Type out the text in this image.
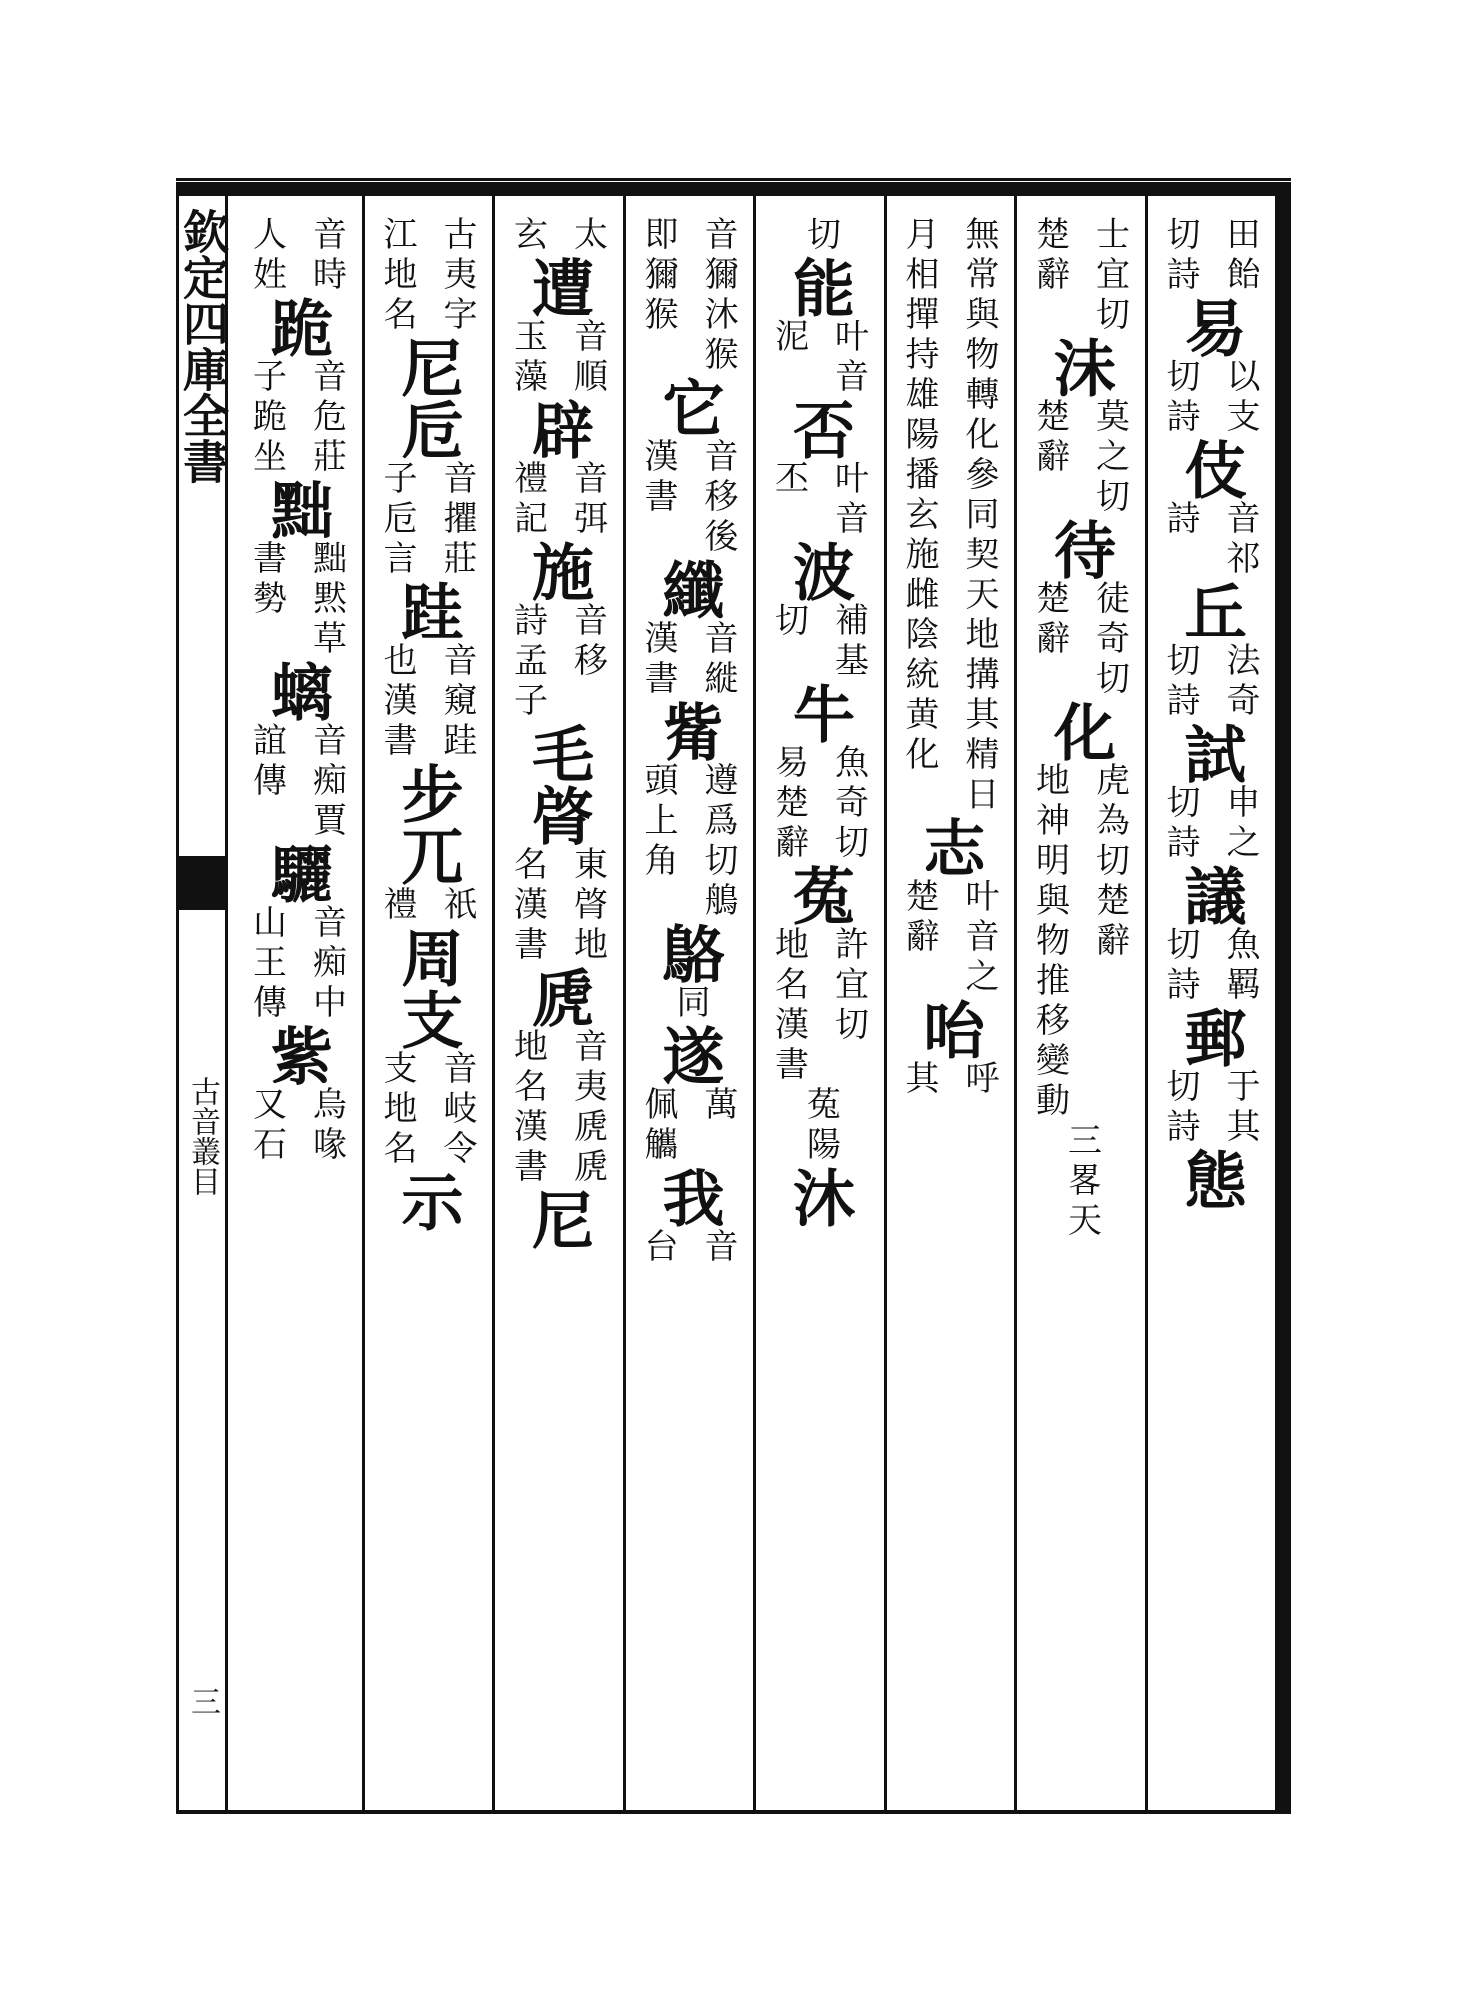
欽定四庫全書
古音叢目
三
切詩 田飴
易
切詩 以支
伎
詩 音祁
丘
切詩 法奇
試
切詩 申之
議
切詩 魚羁
郵
切詩 于其
態
楚辭 士宜切
沬
楚辭 莫之切
待
楚辭 徒奇切
化
地神明與物推移變動 虎為切楚辭
三畧天
月相撣持雄陽播玄施雌陰統黄化 無常與物轉化參同契天地搆其精日
志
楚辭 叶音之
咍
其 呼
切
能
泥 叶音
否
丕 叶音
波
切 補基
牛
易楚辭 魚奇切
菟
地名漢書 許宜切
菟陽
沐
即獮猴 音獮沐猴
它
漢書 音移後
纖
漢書 音縰
觜
頭上角 遵爲切鵃
鴼
同
遂
佩觿 萬
我
台 音
玄 太
遭
玉藻 音順
辟
禮記 音弭
施
詩孟子 音移
毛
䏿
名漢書 東䏿地
虒
地名漢書 音夷虒虒
尼
江地名 古夷字
尼
卮
子卮言 音㩴莊
跬
也漢書 音窺跬
步
兀
禮 祇
周
支
支地名 音岐令
示
人姓 音時
跪
子跪坐 音危莊
黜
書勢 黜黙草
螭
誼傳 音痴賈
驪
山王傳 音痴中
紫
又石 烏喙
